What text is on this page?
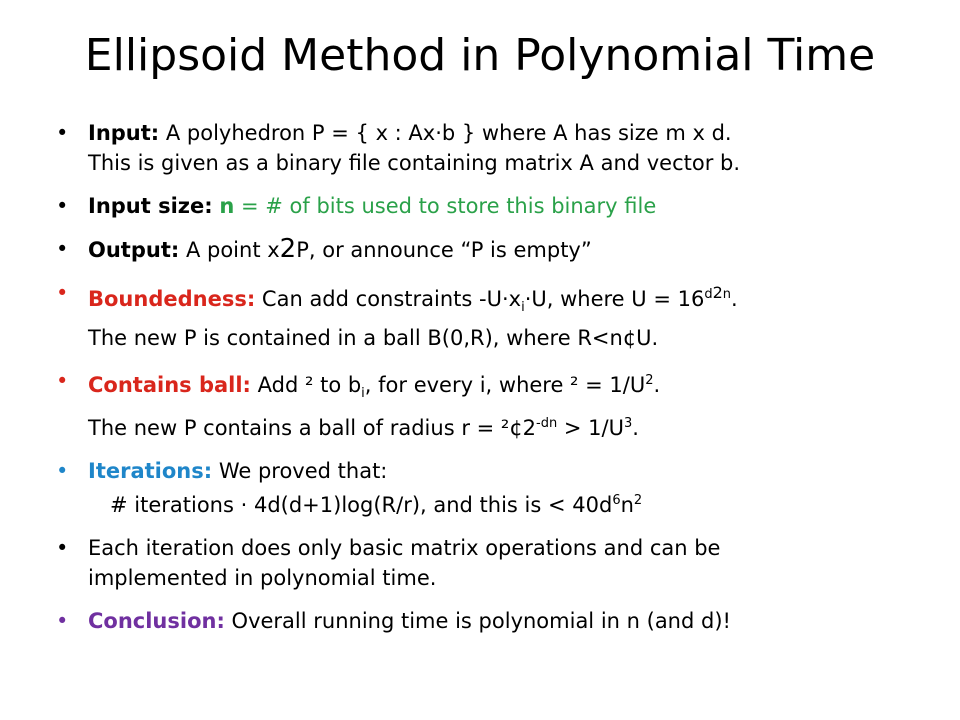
Ellipsoid Method in Polynomial Time
• Input: A polyhedron P = { x : Ax·b } where A has size m x d.
This is given as a binary file containing matrix A and vector b.
• Input size: n = # of bits used to store this binary file
• Output: A point x2P, or announce “P is empty”
• Boundedness: Can add constraints $-U\cdot x_i\cdot U$, where $U = 16^{d2n}$.
The new P is contained in a ball B(0,R), where R<n¢U.
• Contains ball: Add ² to $b_i$, for every i, where $^2 = 1/U^2$.
The new P contains a ball of radius $r = ^2¢2^{-dn} > 1/U^3$.
• Iterations: We proved that:
# iterations · 4d(d+1)log(R/r), and this is < $40d^6n^2$
• Each iteration does only basic matrix operations and can be
implemented in polynomial time.
• Conclusion: Overall running time is polynomial in n (and d)!
